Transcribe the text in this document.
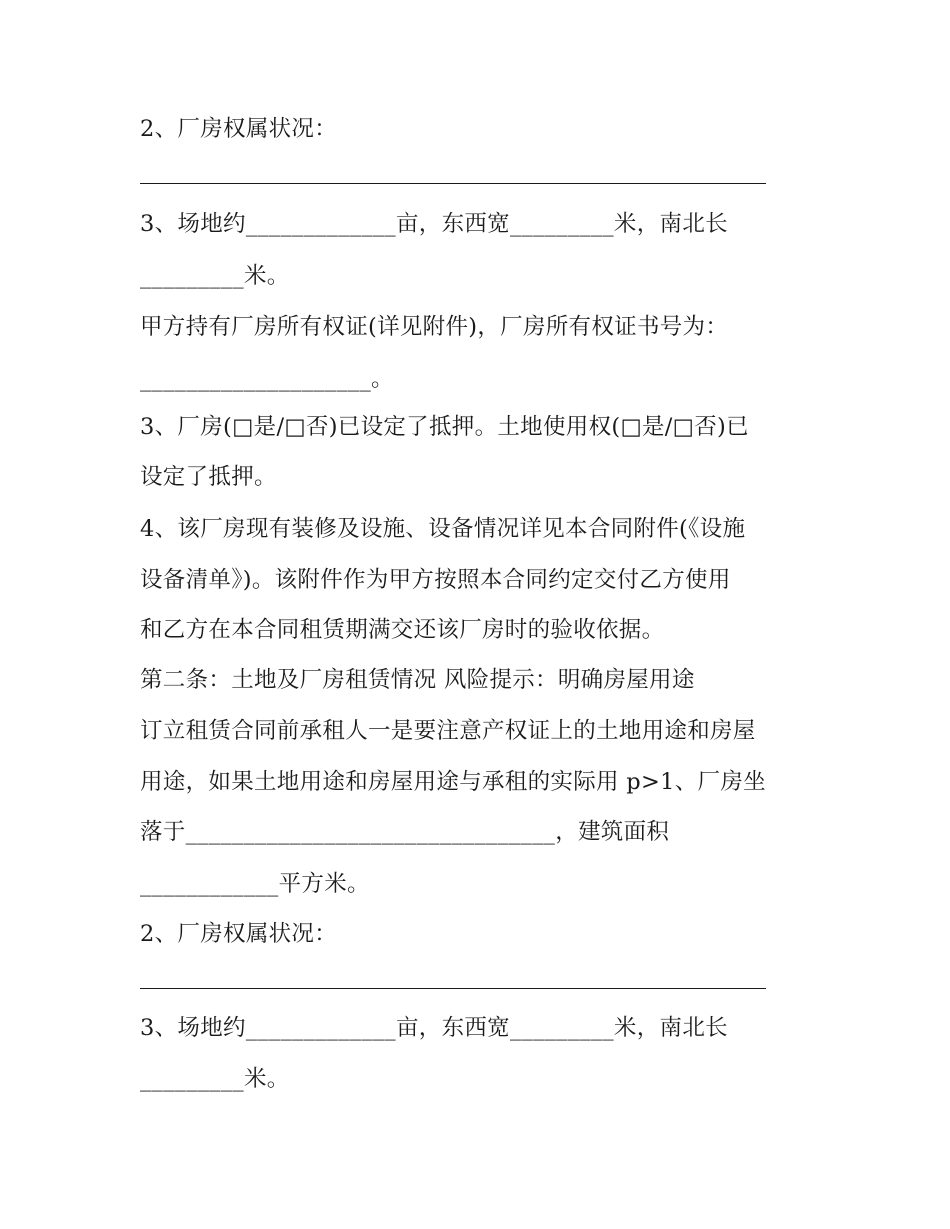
2、厂房权属状况：
3、场地约_____________亩，东西宽_________米，南北长
_________米。
甲方持有厂房所有权证(详见附件)，厂房所有权证书号为：
____________________。
3、厂房(□是/□否)已设定了抵押。土地使用权(□是/□否)已
设定了抵押。
4、该厂房现有装修及设施、设备情况详见本合同附件(《设施
设备清单》)。该附件作为甲方按照本合同约定交付乙方使用
和乙方在本合同租赁期满交还该厂房时的验收依据。
第二条：土地及厂房租赁情况 风险提示：明确房屋用途
订立租赁合同前承租人一是要注意产权证上的土地用途和房屋
用途，如果土地用途和房屋用途与承租的实际用 p>1、厂房坐
落于________________________________，建筑面积
____________平方米。
2、厂房权属状况：
3、场地约_____________亩，东西宽_________米，南北长
_________米。
